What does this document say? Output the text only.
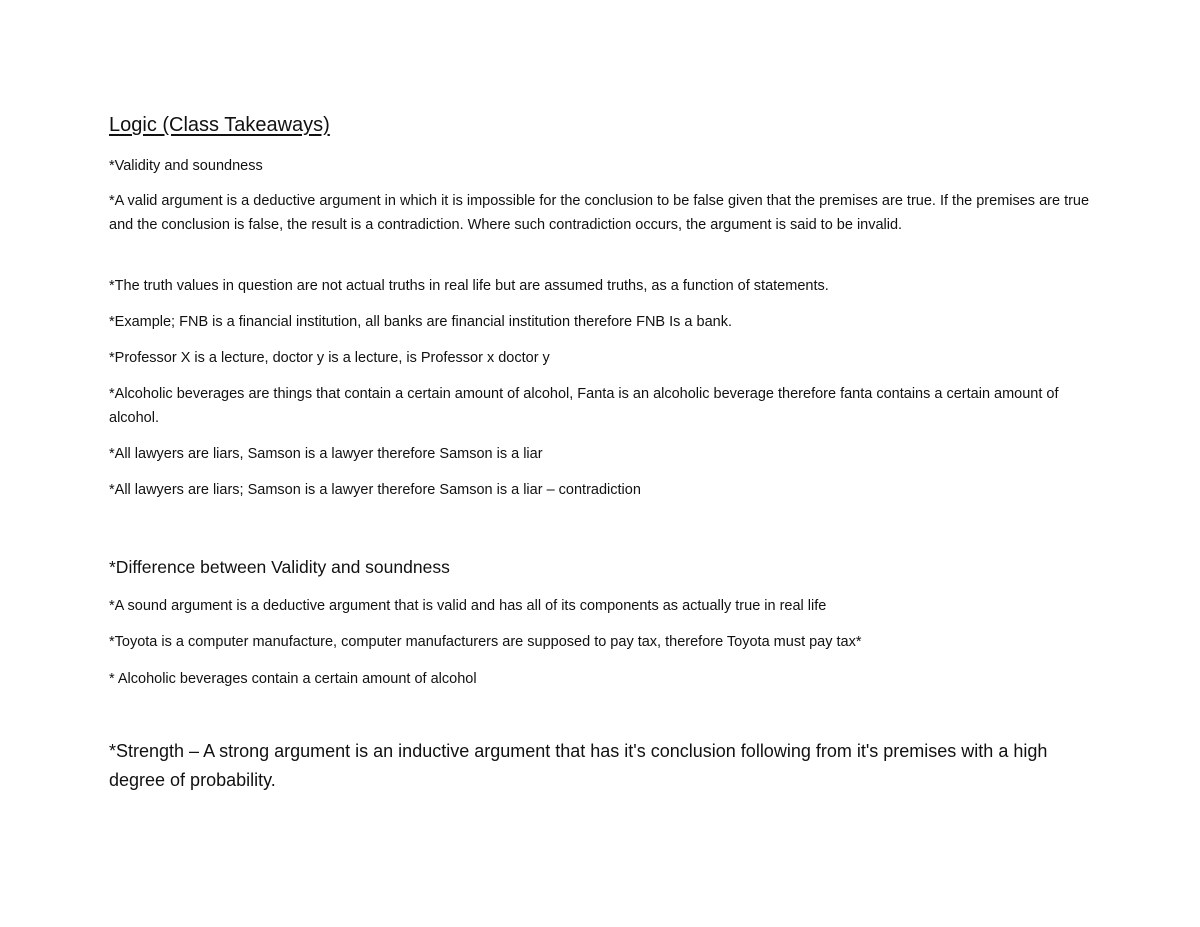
Logic (Class Takeaways)

*Validity and soundness

*A valid argument is a deductive argument in which it is impossible for the conclusion to be false given that the premises are true. If the premises are true and the conclusion is false, the result is a contradiction. Where such contradiction occurs, the argument is said to be invalid.

*The truth values in question are not actual truths in real life but are assumed truths, as a function of statements.

*Example; FNB is a financial institution, all banks are financial institution therefore FNB Is a bank.

*Professor X is a lecture, doctor y is a lecture, is Professor x doctor y

*Alcoholic beverages are things that contain a certain amount of alcohol, Fanta is an alcoholic beverage therefore fanta contains a certain amount of alcohol.

*All lawyers are liars, Samson is a lawyer therefore Samson is a liar

*All lawyers are liars; Samson is a lawyer therefore Samson is a liar – contradiction

*Difference between Validity and soundness

*A sound argument is a deductive argument that is valid and has all of its components as actually true in real life

*Toyota is a computer manufacture, computer manufacturers are supposed to pay tax, therefore Toyota must pay tax*

* Alcoholic beverages contain a certain amount of alcohol

*Strength – A strong argument is an inductive argument that has it's conclusion following from it's premises with a high degree of probability.
